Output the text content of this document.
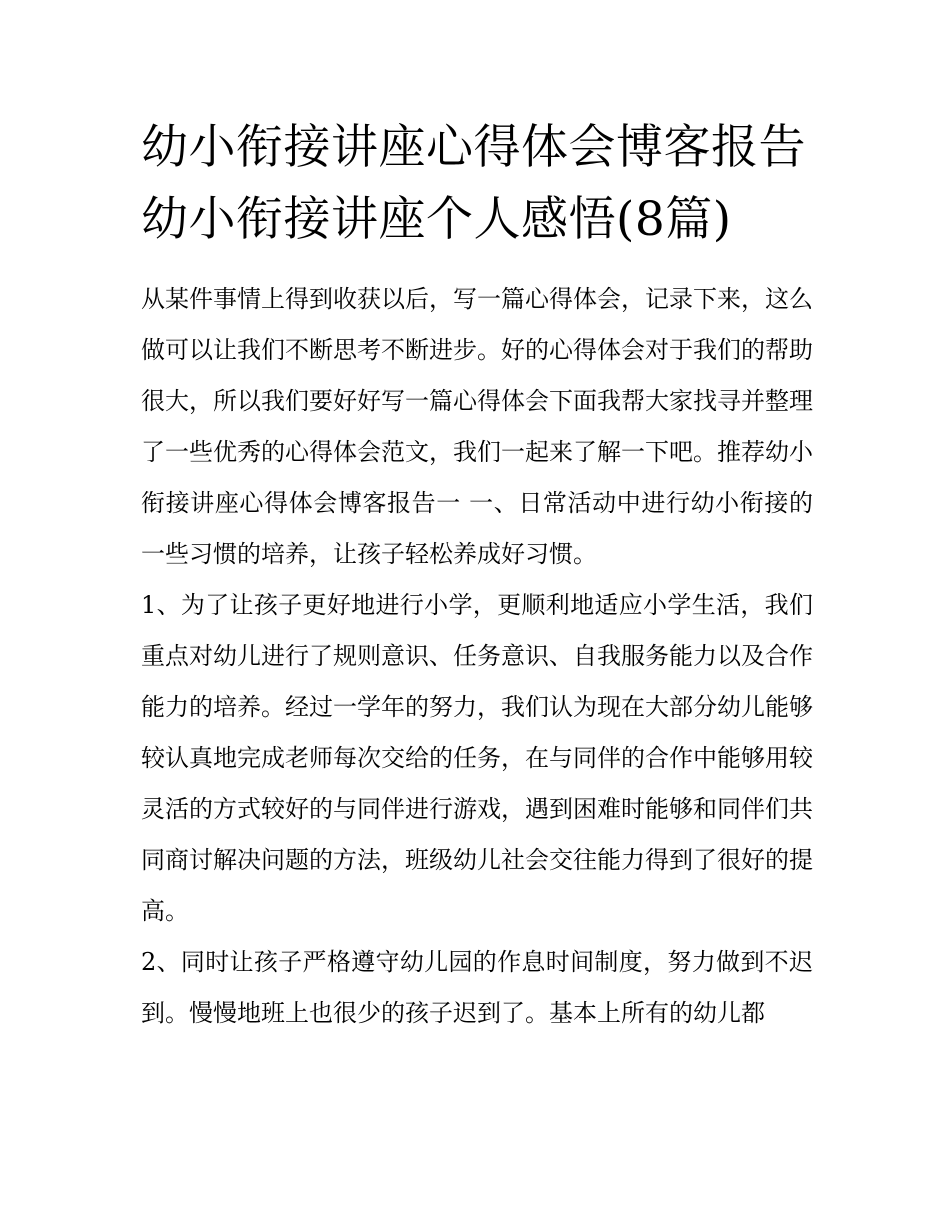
幼小衔接讲座心得体会博客报告 幼小衔接讲座个人感悟(8篇)

从某件事情上得到收获以后，写一篇心得体会，记录下来，这么做可以让我们不断思考不断进步。好的心得体会对于我们的帮助很大，所以我们要好好写一篇心得体会下面我帮大家找寻并整理了一些优秀的心得体会范文，我们一起来了解一下吧。推荐幼小衔接讲座心得体会博客报告一 一、日常活动中进行幼小衔接的一些习惯的培养，让孩子轻松养成好习惯。

1、为了让孩子更好地进行小学，更顺利地适应小学生活，我们重点对幼儿进行了规则意识、任务意识、自我服务能力以及合作能力的培养。经过一学年的努力，我们认为现在大部分幼儿能够较认真地完成老师每次交给的任务，在与同伴的合作中能够用较灵活的方式较好的与同伴进行游戏，遇到困难时能够和同伴们共同商讨解决问题的方法，班级幼儿社会交往能力得到了很好的提高。

2、同时让孩子严格遵守幼儿园的作息时间制度，努力做到不迟到。慢慢地班上也很少的孩子迟到了。基本上所有的幼儿都
